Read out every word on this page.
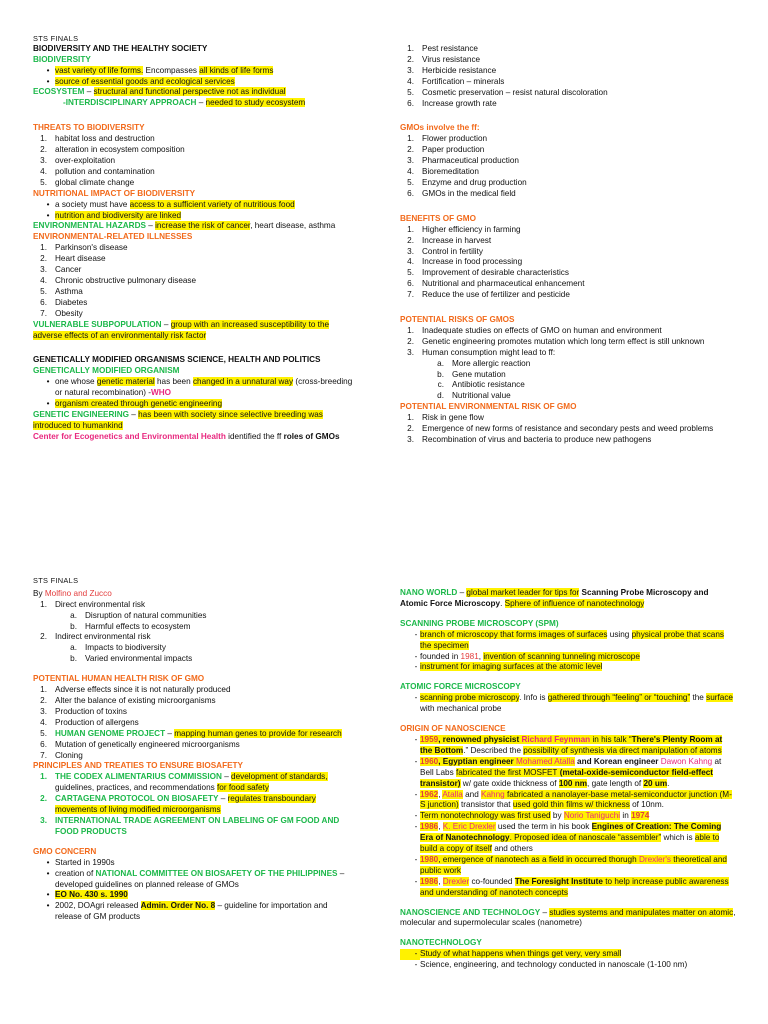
STS FINALS

BIODIVERSITY AND THE HEALTHY SOCIETY

BIODIVERSITY

• vast variety of life forms. Encompasses all kinds of life forms
• source of essential goods and ecological services

ECOSYSTEM – structural and functional perspective not as individual

-INTERDISCIPLINARY APPROACH – needed to study ecosystem

THREATS TO BIODIVERSITY

1. habitat loss and destruction
2. alteration in ecosystem composition
3. over-exploitation
4. pollution and contamination
5. global climate change

NUTRITIONAL IMPACT OF BIODIVERSITY

• a society must have access to a sufficient variety of nutritious food
• nutrition and biodiversity are linked

ENVIRONMENTAL HAZARDS – increase the risk of cancer, heart disease, asthma

ENVIRONMENTAL-RELATED ILLNESSES

1. Parkinson's disease
2. Heart disease
3. Cancer
4. Chronic obstructive pulmonary disease
5. Asthma
6. Diabetes
7. Obesity

VULNERABLE SUBPOPULATION – group with an increased susceptibility to the adverse effects of an environmentally risk factor

GENETICALLY MODIFIED ORGANISMS SCIENCE, HEALTH AND POLITICS

GENETICALLY MODIFIED ORGANISM

• one whose genetic material has been changed in a unnatural way (cross-breeding or natural recombination) -WHO
• organism created through genetic engineering

GENETIC ENGINEERING – has been with society since selective breeding was introduced to humankind

Center for Ecogenetics and Environmental Health identified the ff roles of GMOs

1. Pest resistance
2. Virus resistance
3. Herbicide resistance
4. Fortification – minerals
5. Cosmetic preservation – resist natural discoloration
6. Increase growth rate

GMOs involve the ff:

1. Flower production
2. Paper production
3. Pharmaceutical production
4. Bioremeditation
5. Enzyme and drug production
6. GMOs in the medical field

BENEFITS OF GMO

1. Higher efficiency in farming
2. Increase in harvest
3. Control in fertility
4. Increase in food processing
5. Improvement of desirable characteristics
6. Nutritional and pharmaceutical enhancement
7. Reduce the use of fertilizer and pesticide

POTENTIAL RISKS OF GMOS

1. Inadequate studies on effects of GMO on human and environment
2. Genetic engineering promotes mutation which long term effect is still unknown
3. Human consumption might lead to ff:
a. More allergic reaction
b. Gene mutation
c. Antibiotic resistance
d. Nutritional value

POTENTIAL ENVIRONMENTAL RISK OF GMO

1. Risk in gene flow
2. Emergence of new forms of resistance and secondary pests and weed problems
3. Recombination of virus and bacteria to produce new pathogens

STS FINALS

By Molfino and Zucco

1. Direct environmental risk
a. Disruption of natural communities
b. Harmful effects to ecosystem
2. Indirect environmental risk
a. Impacts to biodiversity
b. Varied environmental impacts

POTENTIAL HUMAN HEALTH RISK OF GMO

1. Adverse effects since it is not naturally produced
2. Alter the balance of existing microorganisms
3. Production of toxins
4. Production of allergens
5. HUMAN GENOME PROJECT – mapping human genes to provide for research
6. Mutation of genetically engineered microorganisms
7. Cloning

PRINCIPLES AND TREATIES TO ENSURE BIOSAFETY

1. THE CODEX ALIMENTARIUS COMMISSION – development of standards, guidelines, practices, and recommendations for food safety
2. CARTAGENA PROTOCOL ON BIOSAFETY – regulates transboundary movements of living modified microorganisms
3. INTERNATIONAL TRADE AGREEMENT ON LABELING OF GM FOOD AND FOOD PRODUCTS

GMO CONCERN

• Started in 1990s
• creation of NATIONAL COMMITTEE ON BIOSAFETY OF THE PHILIPPINES – developed guidelines on planned release of GMOs
• EO No. 430 s. 1990
• 2002, DOAgri released Admin. Order No. 8 – guideline for importation and release of GM products

NANO WORLD – global market leader for tips for Scanning Probe Microscopy and Atomic Force Microscopy. Sphere of influence of nanotechnology

SCANNING PROBE MICROSCOPY (SPM)

- branch of microscopy that forms images of surfaces using physical probe that scans the specimen
- founded in 1981, invention of scanning tunneling microscope
- instrument for imaging surfaces at the atomic level

ATOMIC FORCE MICROSCOPY

- scanning probe microscopy. Info is gathered through “feeling” or “touching” the surface with mechanical probe

ORIGIN OF NANOSCIENCE

- 1959, renowned physicist Richard Feynman in his talk “There's Plenty Room at the Bottom.” Described the possibility of synthesis via direct manipulation of atoms
- 1960, Egyptian engineer Mohamed Atalla and Korean engineer Dawon Kahng at Bell Labs fabricated the first MOSFET (metal-oxide-semiconductor field-effect transistor) w/ gate oxide thickness of 100 nm, gate length of 20 um.
- 1962, Atalla and Kahng fabricated a nanolayer-base metal-semiconductor junction (M-S junction) transistor that used gold thin films w/ thickness of 10nm.
- Term nonotechnology was first used by Norio Taniguchi in 1974
- 1986, K. Eric Drexler used the term in his book Engines of Creation: The Coming Era of Nanotechnology. Proposed idea of nanoscale “assembler” which is able to build a copy of itself and others
- 1980, emergence of nanotech as a field in occurred thorugh Drexler's theoretical and public work
- 1986, Drexler co-founded The Foresight Institute to help increase public awareness and understanding of nanotech concepts

NANOSCIENCE AND TECHNOLOGY – studies systems and manipulates matter on atomic, molecular and supermolecular scales (nanometre)

NANOTECHNOLOGY

- Study of what happens when things get very, very small
- Science, engineering, and technology conducted in nanoscale (1-100 nm)
